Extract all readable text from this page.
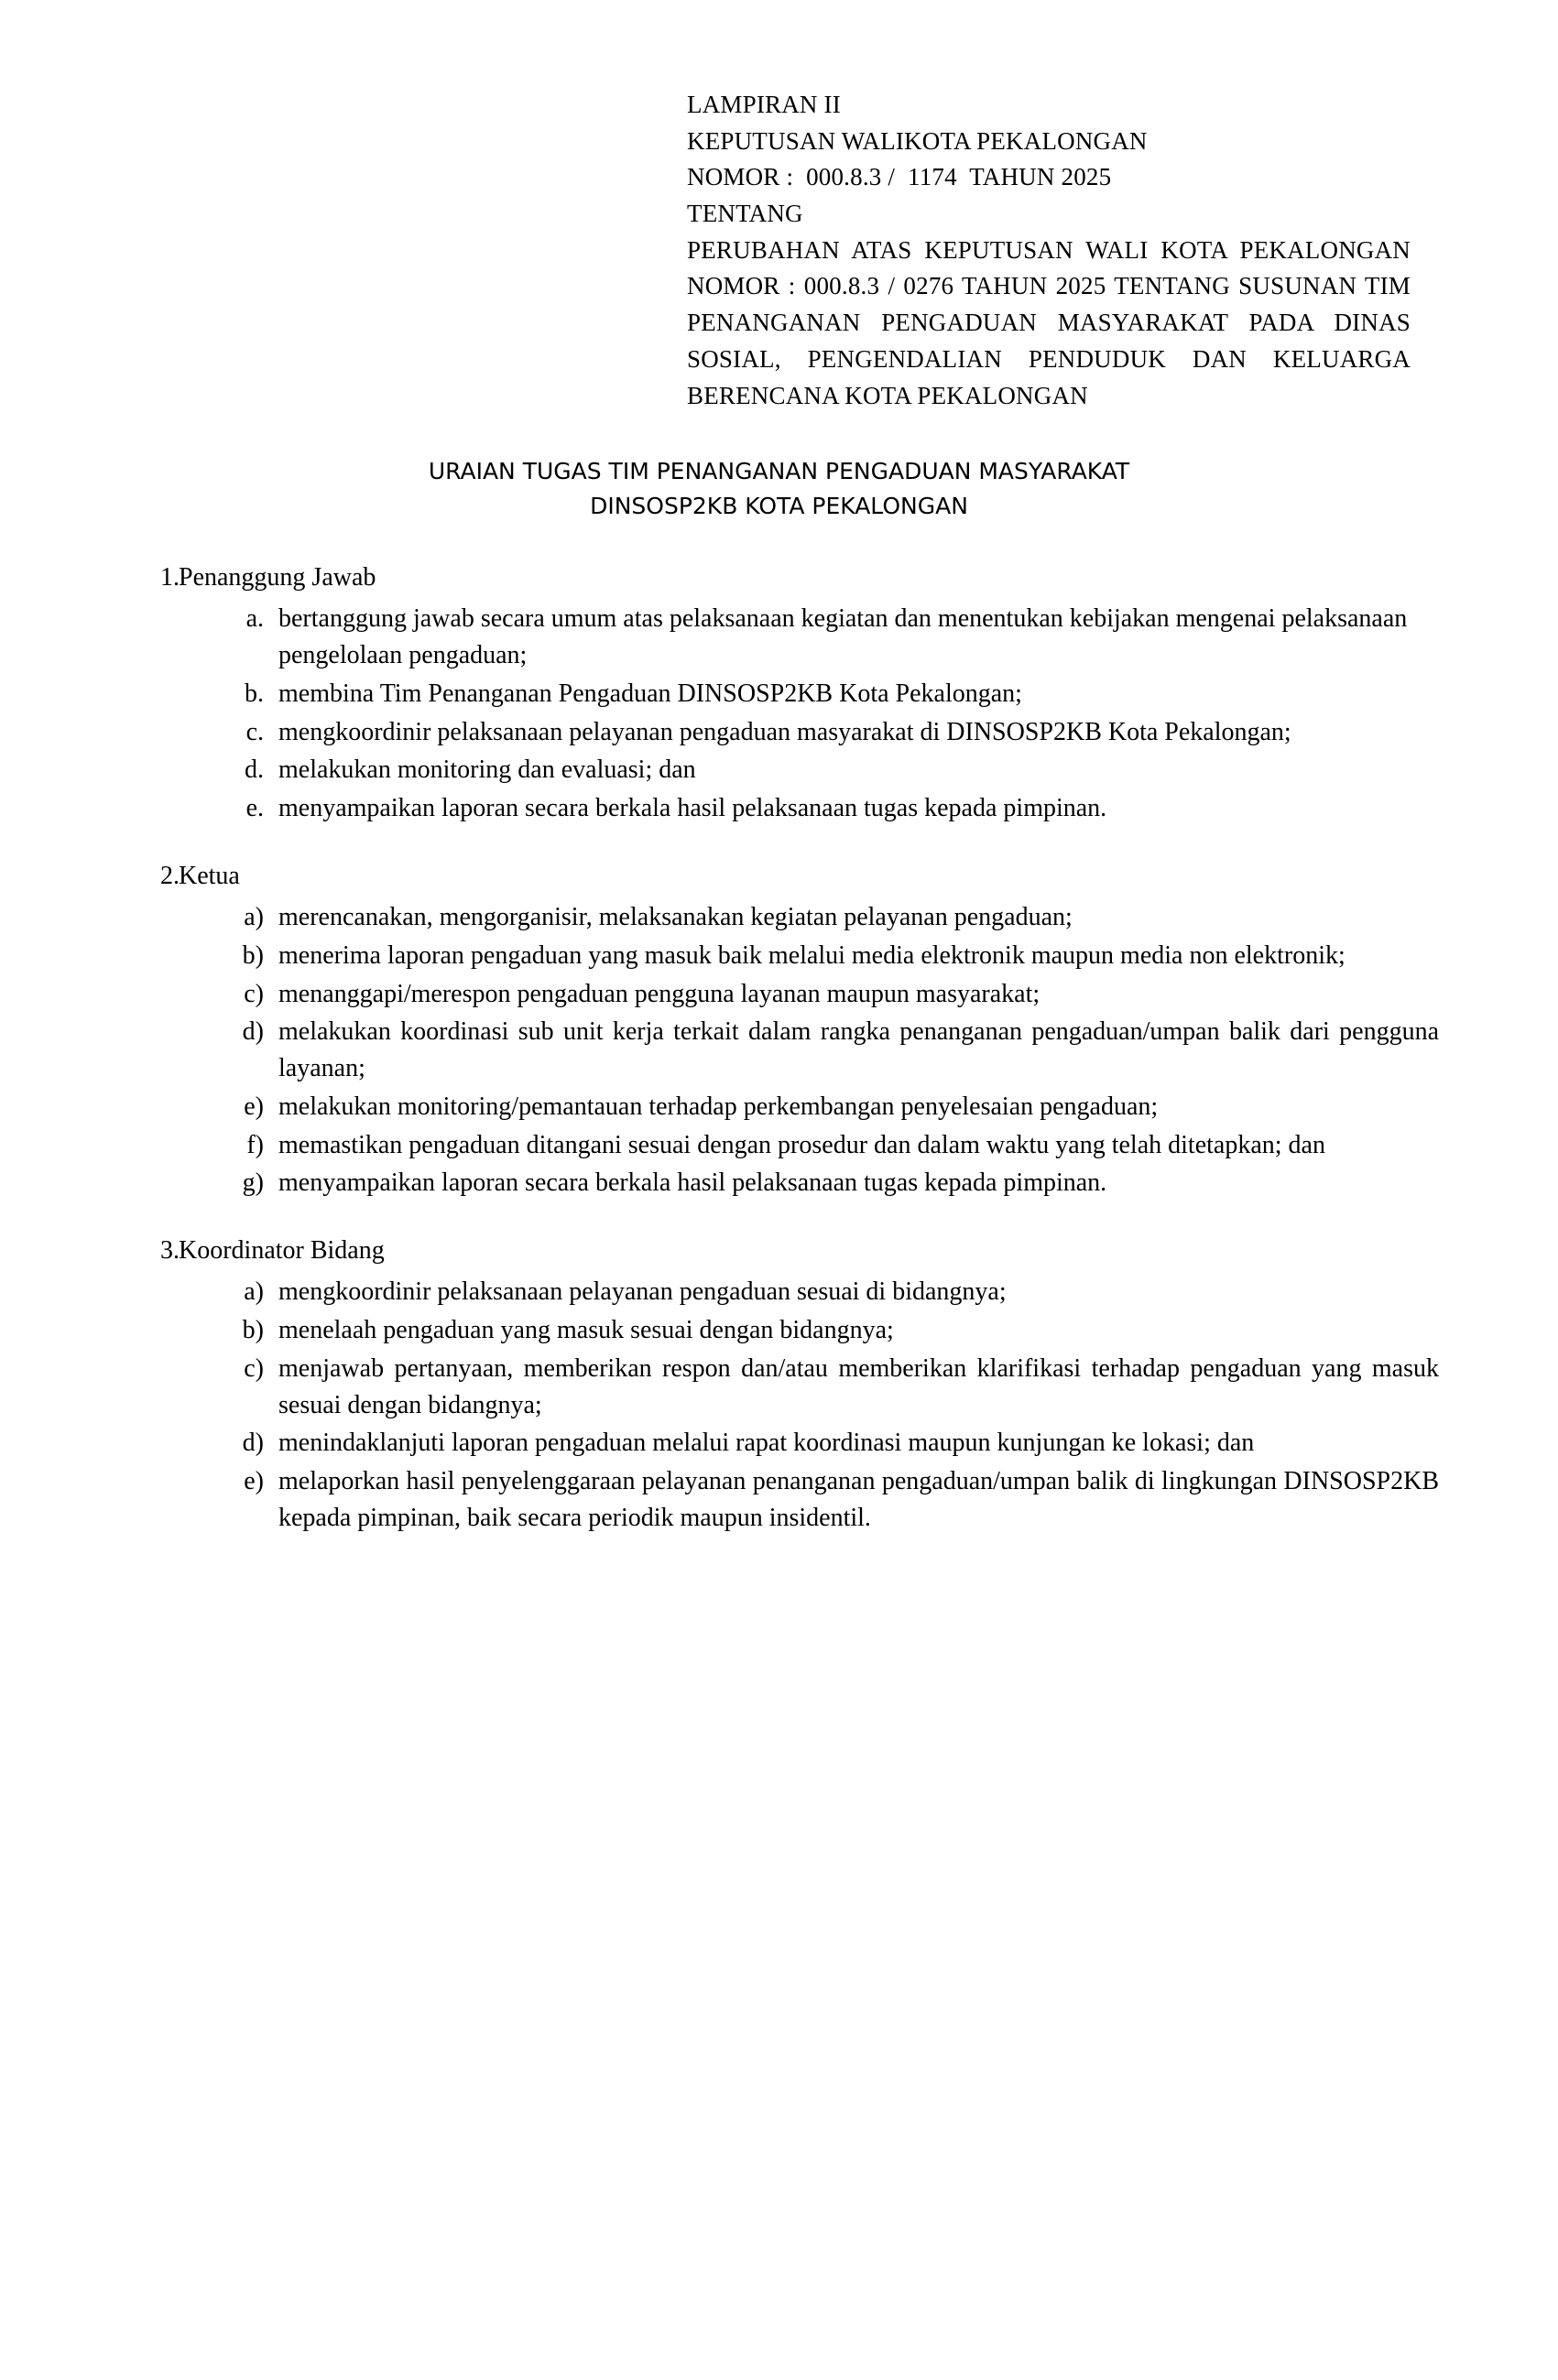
LAMPIRAN II
KEPUTUSAN WALIKOTA PEKALONGAN
NOMOR :  000.8.3 /  1174  TAHUN 2025
TENTANG
PERUBAHAN ATAS KEPUTUSAN WALI KOTA PEKALONGAN NOMOR : 000.8.3 / 0276 TAHUN 2025 TENTANG SUSUNAN TIM PENANGANAN PENGADUAN MASYARAKAT PADA DINAS SOSIAL, PENGENDALIAN PENDUDUK DAN KELUARGA BERENCANA KOTA PEKALONGAN
URAIAN TUGAS TIM PENANGANAN PENGADUAN MASYARAKAT
DINSOSP2KB KOTA PEKALONGAN
1. Penanggung Jawab
a. bertanggung jawab secara umum atas pelaksanaan kegiatan dan menentukan kebijakan mengenai pelaksanaan pengelolaan pengaduan;
b. membina Tim Penanganan Pengaduan DINSOSP2KB Kota Pekalongan;
c. mengkoordinir pelaksanaan pelayanan pengaduan masyarakat di DINSOSP2KB Kota Pekalongan;
d. melakukan monitoring dan evaluasi; dan
e. menyampaikan laporan secara berkala hasil pelaksanaan tugas kepada pimpinan.
2. Ketua
a) merencanakan, mengorganisir, melaksanakan kegiatan pelayanan pengaduan;
b) menerima laporan pengaduan yang masuk baik melalui media elektronik maupun media non elektronik;
c) menanggapi/merespon pengaduan pengguna layanan maupun masyarakat;
d) melakukan koordinasi sub unit kerja terkait dalam rangka penanganan pengaduan/umpan balik dari pengguna layanan;
e) melakukan monitoring/pemantauan terhadap perkembangan penyelesaian pengaduan;
f) memastikan pengaduan ditangani sesuai dengan prosedur dan dalam waktu yang telah ditetapkan; dan
g) menyampaikan laporan secara berkala hasil pelaksanaan tugas kepada pimpinan.
3. Koordinator Bidang
a) mengkoordinir pelaksanaan pelayanan pengaduan sesuai di bidangnya;
b) menelaah pengaduan yang masuk sesuai dengan bidangnya;
c) menjawab pertanyaan, memberikan respon dan/atau memberikan klarifikasi terhadap pengaduan yang masuk sesuai dengan bidangnya;
d) menindaklanjuti laporan pengaduan melalui rapat koordinasi maupun kunjungan ke lokasi; dan
e) melaporkan hasil penyelenggaraan pelayanan penanganan pengaduan/umpan balik di lingkungan DINSOSP2KB kepada pimpinan, baik secara periodik maupun insidentil.
